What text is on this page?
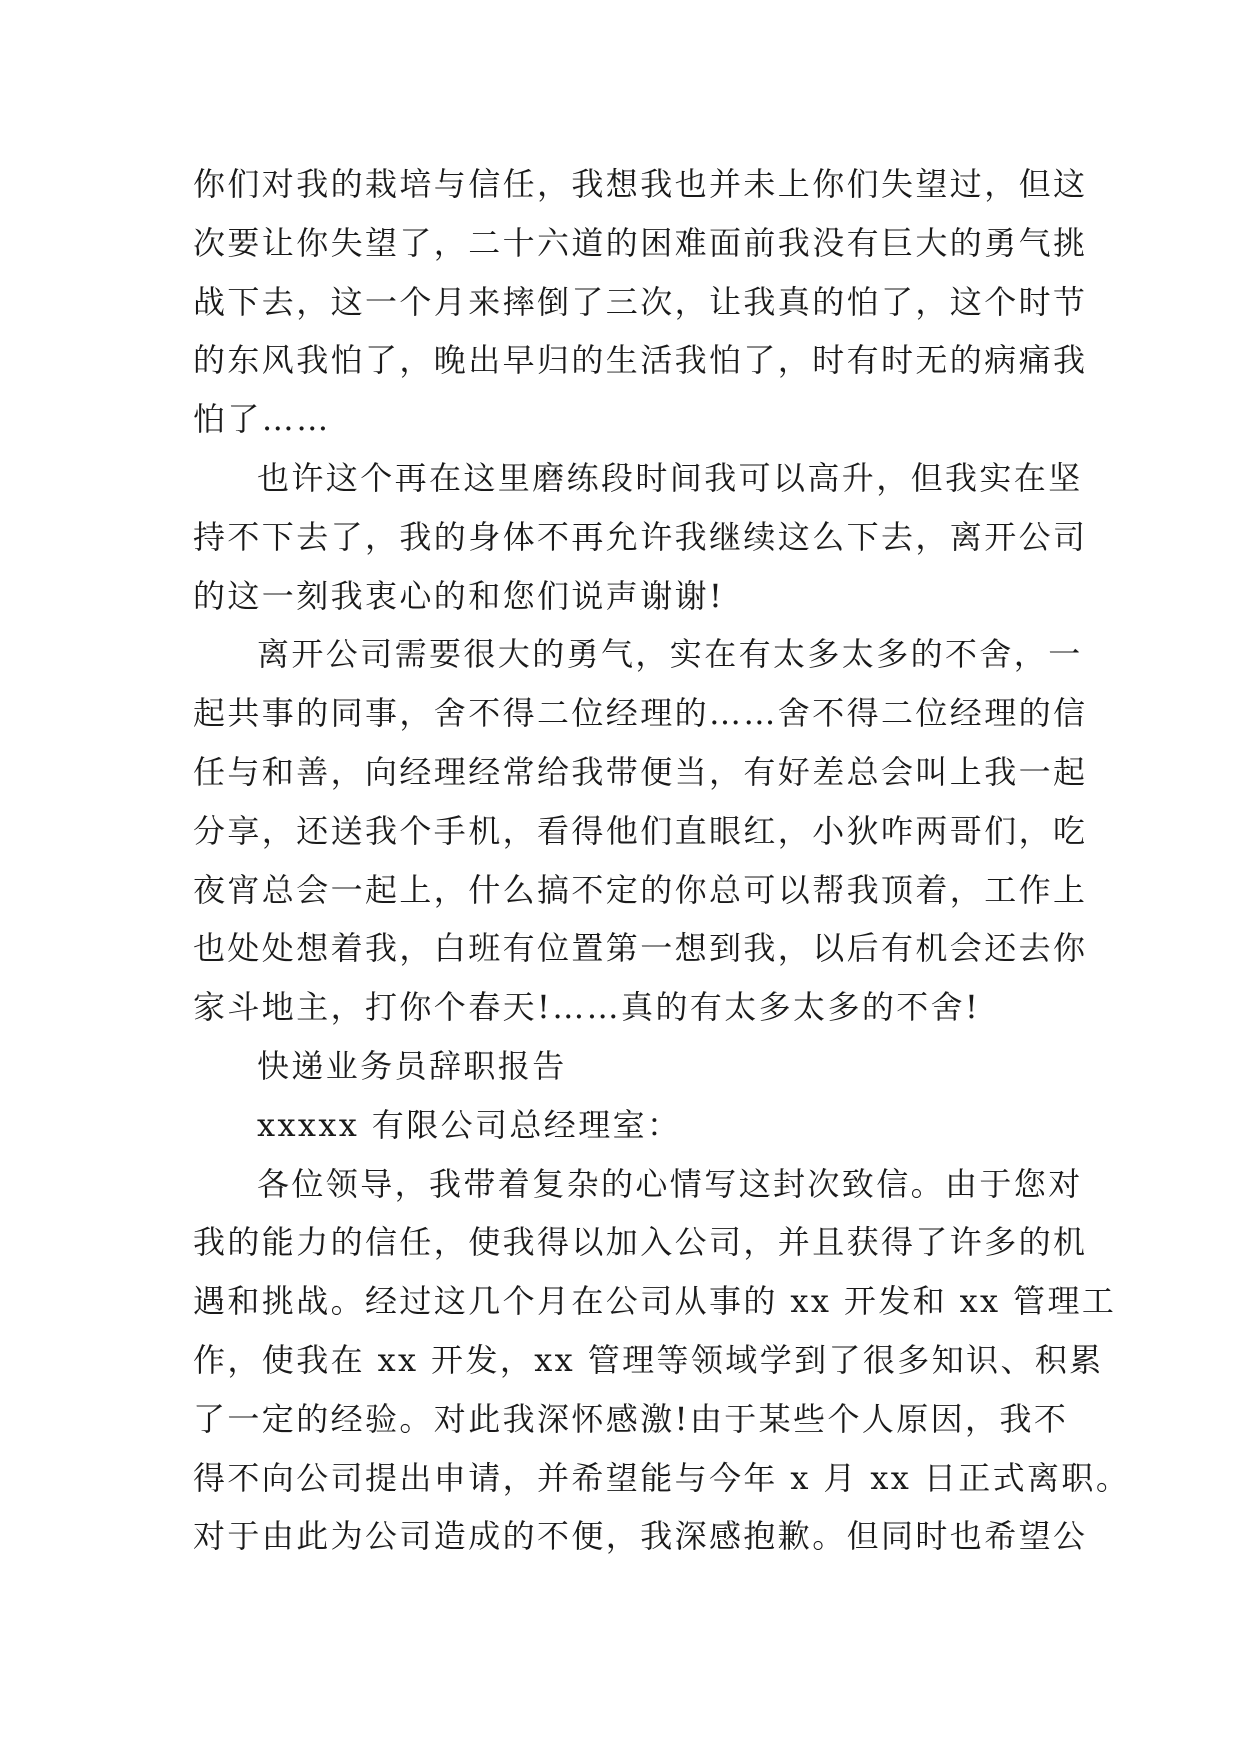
你们对我的栽培与信任，我想我也并未上你们失望过，但这
次要让你失望了，二十六道的困难面前我没有巨大的勇气挑
战下去，这一个月来摔倒了三次，让我真的怕了，这个时节
的东风我怕了，晚出早归的生活我怕了，时有时无的病痛我
怕了……
也许这个再在这里磨练段时间我可以高升，但我实在坚
持不下去了，我的身体不再允许我继续这么下去，离开公司
的这一刻我衷心的和您们说声谢谢!
离开公司需要很大的勇气，实在有太多太多的不舍，一
起共事的同事，舍不得二位经理的……舍不得二位经理的信
任与和善，向经理经常给我带便当，有好差总会叫上我一起
分享，还送我个手机，看得他们直眼红，小狄咋两哥们，吃
夜宵总会一起上，什么搞不定的你总可以帮我顶着，工作上
也处处想着我，白班有位置第一想到我，以后有机会还去你
家斗地主，打你个春天!……真的有太多太多的不舍!
快递业务员辞职报告
xxxxx 有限公司总经理室：
各位领导，我带着复杂的心情写这封次致信。由于您对
我的能力的信任，使我得以加入公司，并且获得了许多的机
遇和挑战。经过这几个月在公司从事的 xx 开发和 xx 管理工
作，使我在 xx 开发，xx 管理等领域学到了很多知识、积累
了一定的经验。对此我深怀感激!由于某些个人原因，我不
得不向公司提出申请，并希望能与今年 x 月 xx 日正式离职。
对于由此为公司造成的不便，我深感抱歉。但同时也希望公
